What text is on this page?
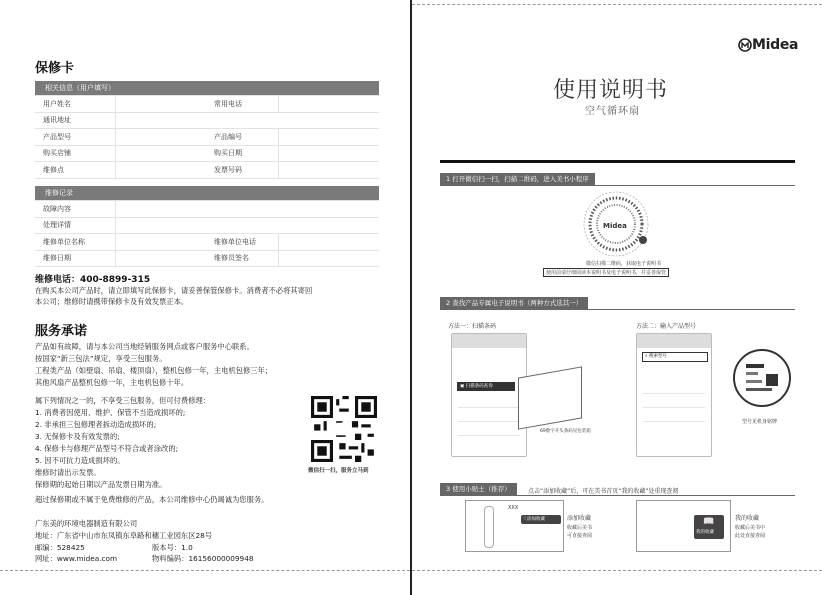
保修卡
相关信息（用户填写）			
用户姓名		常用电话	
通讯地址			
产品型号		产品编号	
购买店铺		购买日期	
维修点		发票号码	
维修记录			
故障内容			
处理详情			
维修单位名称		维修单位电话	
维修日期		维修员签名	
维修电话：400-8899-315
在购买本公司产品时，请立即填写此保修卡，请妥善保管保修卡。消费者不必将其寄回
本公司；维修时请携带保修卡及有效发票正本。
服务承诺
产品如有故障，请与本公司当地经销服务网点或客户服务中心联系。
按国家“新三包法”规定，享受三包服务。
工程类产品（如壁扇、吊扇、楼顶扇），整机包修一年，主电机包修三年；
其他风扇产品整机包修一年，主电机包修十年。
属下列情况之一的，不享受三包服务，但可付费修理：
1. 消费者因使用、维护、保管不当造成损坏的;
2. 非承担三包修理者拆动造成损坏的;
3. 无保修卡及有效发票的;
4. 保修卡与修理产品型号不符合或者涂改的;
5. 因不可抗力造成损坏的。
维修时请出示发票。
保修期的起始日期以产品发票日期为准。
超过保修期或不属于免费维修的产品，本公司维修中心仍竭诚为您服务。
微信扫一扫，服务立马到
广东美的环境电器制造有限公司
地址：广东省中山市东凤镇东阜路和穗工业园东区28号
邮编：528425	版本号：1.0
网址：www.midea.com	物料编码：16156000009948
Midea
使用说明书
空气循环扇
1 打开微信扫一扫，扫描二维码，进入美书小程序
Midea
微信扫描二维码，获取电子说明书
使用前请仔细阅读本说明书及电子说明书，并妥善保管
2 查找产品专属电子说明书（两种方式选其一）
方法一：扫描条码	方法二：输入产品型号
▣ 扫描条码查询
69数字开头条码见包装箱
⌕ 搜索型号
型号见机身铭牌
3 使用小贴士（推荐）	点击“添加收藏”后，可在美书首页“我的收藏”处重现查阅
XXX
♡添加收藏	添加收藏
收藏后美书
可直接查阅
📖
我的收藏
我的收藏
收藏后美书中
此处直接查阅
